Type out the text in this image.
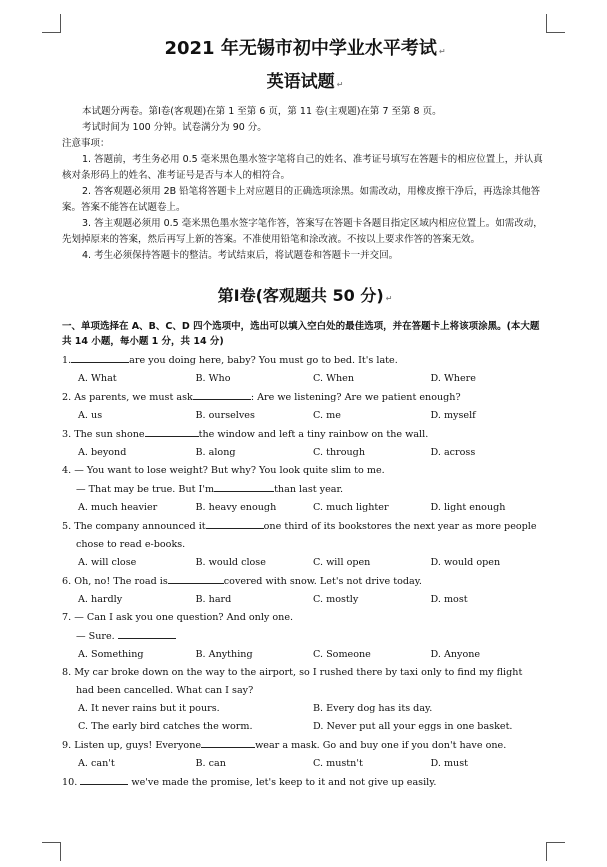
2021 年无锡市初中学业水平考试 ↵
英语试题 ↵

本试题分两卷。第Ⅰ卷(客观题)在第 1 至第 6 页，第 11 卷(主观题)在第 7 至第 8 页。

考试时间为 100 分钟。试卷满分为 90 分。

注意事项：

1. 答题前，考生务必用 0.5 毫米黑色墨水签字笔将自己的姓名、准考证号填写在答题卡的相应位置上，并认真核对条形码上的姓名、准考证号是否与本人的相符合。

2. 答客观题必须用 2B 铅笔将答题卡上对应题目的正确选项涂黑。如需改动，用橡皮擦干净后，再选涂其他答案。答案不能答在试题卷上。

3. 答主观题必须用 0.5 毫米黑色墨水签字笔作答，答案写在答题卡各题目指定区域内相应位置上。如需改动，先划掉原来的答案，然后再写上新的答案。不准使用铅笔和涂改液。不按以上要求作答的答案无效。

4. 考生必须保持答题卡的整洁。考试结束后，将试题卷和答题卡一并交回。

第Ⅰ卷(客观题共 50 分) ↵

一、单项选择在 A、B、C、D 四个选项中，选出可以填入空白处的最佳选项，并在答题卡上将该项涂黑。(本大题共 14 小题，每小题 1 分，共 14 分)

1.	are you doing here, baby? You must go to bed. It's late.
A. What	B. Who	C. When	D. Where
2. As parents, we must ask	: Are we listening? Are we patient enough?
A. us	B. ourselves	C. me	D. myself
3. The sun shone	the window and left a tiny rainbow on the wall.
A. beyond	B. along	C. through	D. across
4. — You want to lose weight? But why? You look quite slim to me.
— That may be true. But I'm	than last year.
A. much heavier	B. heavy enough	C. much lighter	D. light enough
5. The company announced it	one third of its bookstores the next year as more people
chose to read e-books.
A. will close	B. would close	C. will open	D. would open
6. Oh, no! The road is	covered with snow. Let's not drive today.
A. hardly	B. hard	C. mostly	D. most
7. — Can I ask you one question? And only one.
— Sure.
A. Something	B. Anything	C. Someone	D. Anyone
8. My car broke down on the way to the airport, so I rushed there by taxi only to find my flight
had been cancelled. What can I say?
A. It never rains but it pours.	B. Every dog has its day.
C. The early bird catches the worm.	D. Never put all your eggs in one basket.
9. Listen up, guys! Everyone	wear a mask. Go and buy one if you don't have one.
A. can't	B. can	C. mustn't	D. must
10.	we've made the promise, let's keep to it and not give up easily.
